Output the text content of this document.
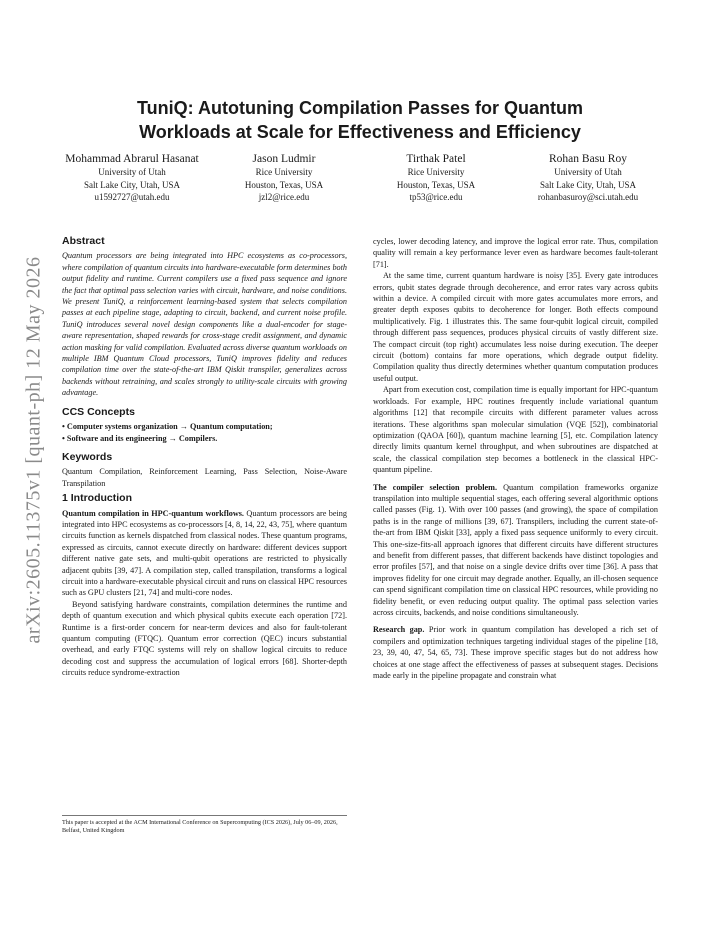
arXiv:2605.11375v1 [quant-ph] 12 May 2026
TuniQ: Autotuning Compilation Passes for Quantum Workloads at Scale for Effectiveness and Efficiency
Mohammad Abrarul Hasanat
University of Utah
Salt Lake City, Utah, USA
u1592727@utah.edu
Jason Ludmir
Rice University
Houston, Texas, USA
jzl2@rice.edu
Tirthak Patel
Rice University
Houston, Texas, USA
tp53@rice.edu
Rohan Basu Roy
University of Utah
Salt Lake City, Utah, USA
rohanbasuroy@sci.utah.edu
Abstract

Quantum processors are being integrated into HPC ecosystems as co-processors, where compilation of quantum circuits into hardware-executable form determines both output fidelity and runtime. Current compilers use a fixed pass sequence and ignore the fact that optimal pass selection varies with circuit, hardware, and noise conditions. We present TuniQ, a reinforcement learning-based system that selects compilation passes at each pipeline stage, adapting to circuit, backend, and current noise profile. TuniQ introduces several novel design components like a dual-encoder for stage-aware representation, shaped rewards for cross-stage credit assignment, and dynamic action masking for valid compilation. Evaluated across diverse quantum workloads on multiple IBM Quantum Cloud processors, TuniQ improves fidelity and reduces compilation time over the state-of-the-art IBM Qiskit transpiler, generalizes across backends without retraining, and scales strongly to utility-scale circuits with growing advantage.

CCS Concepts

• Computer systems organization → Quantum computation;

• Software and its engineering → Compilers.

Keywords

Quantum Compilation, Reinforcement Learning, Pass Selection, Noise-Aware Transpilation

1 Introduction

Quantum compilation in HPC-quantum workflows. Quantum processors are being integrated into HPC ecosystems as co-processors [4, 8, 14, 22, 43, 75], where quantum circuits function as kernels dispatched from classical nodes. These quantum programs, expressed as circuits, cannot execute directly on hardware: different devices support different native gate sets, and multi-qubit operations are restricted to physically adjacent qubits [39, 47]. A compilation step, called transpilation, transforms a logical circuit into a hardware-executable physical circuit and runs on classical HPC resources such as GPU clusters [21, 74] and multi-core nodes.

Beyond satisfying hardware constraints, compilation determines the runtime and depth of quantum execution and which physical qubits execute each operation [72]. Runtime is a first-order concern for near-term devices and also for fault-tolerant quantum computing (FTQC). Quantum error correction (QEC) incurs substantial overhead, and early FTQC systems will rely on shallow logical circuits to reduce decoding cost and suppress the accumulation of logical errors [68]. Shorter-depth circuits reduce syndrome-extraction

This paper is accepted at the ACM International Conference on Supercomputing (ICS 2026), July 06–09, 2026, Belfast, United Kingdom

cycles, lower decoding latency, and improve the logical error rate. Thus, compilation quality will remain a key performance lever even as hardware becomes fault-tolerant [71].

At the same time, current quantum hardware is noisy [35]. Every gate introduces errors, qubit states degrade through decoherence, and error rates vary across qubits within a device. A compiled circuit with more gates accumulates more errors, and greater depth exposes qubits to decoherence for longer. Both effects compound multiplicatively. Fig. 1 illustrates this. The same four-qubit logical circuit, compiled through different pass sequences, produces physical circuits of vastly different size. The compact circuit (top right) accumulates less noise during execution. The deeper circuit (bottom) contains far more operations, which degrade output fidelity. Compilation quality thus directly determines whether quantum computation produces useful output.

Apart from execution cost, compilation time is equally important for HPC-quantum workloads. For example, HPC routines frequently include variational quantum algorithms [12] that recompile circuits with different parameter values across iterations. These algorithms span molecular simulation (VQE [52]), combinatorial optimization (QAOA [60]), quantum machine learning [5], etc. Compilation latency directly limits quantum kernel throughput, and when subroutines are dispatched at scale, the classical compilation step becomes a bottleneck in the classical HPC-quantum pipeline.

The compiler selection problem. Quantum compilation frameworks organize transpilation into multiple sequential stages, each offering several algorithmic options called passes (Fig. 1). With over 100 passes (and growing), the space of compilation paths is in the range of millions [39, 67]. Transpilers, including the current state-of-the-art from IBM Qiskit [33], apply a fixed pass sequence uniformly to every circuit. This one-size-fits-all approach ignores that different circuits have different structures and benefit from different passes, that different backends have distinct topologies and error profiles [57], and that noise on a single device drifts over time [36]. A pass that improves fidelity for one circuit may degrade another. Equally, an ill-chosen sequence can spend significant compilation time on classical HPC resources, while providing no fidelity benefit, or even reducing output quality. The optimal pass selection varies across circuits, backends, and noise conditions simultaneously.

Research gap. Prior work in quantum compilation has developed a rich set of compilers and optimization techniques targeting individual stages of the pipeline [18, 23, 39, 40, 47, 54, 65, 73]. These improve specific stages but do not address how choices at one stage affect the effectiveness of passes at subsequent stages. Decisions made early in the pipeline propagate and constrain what
